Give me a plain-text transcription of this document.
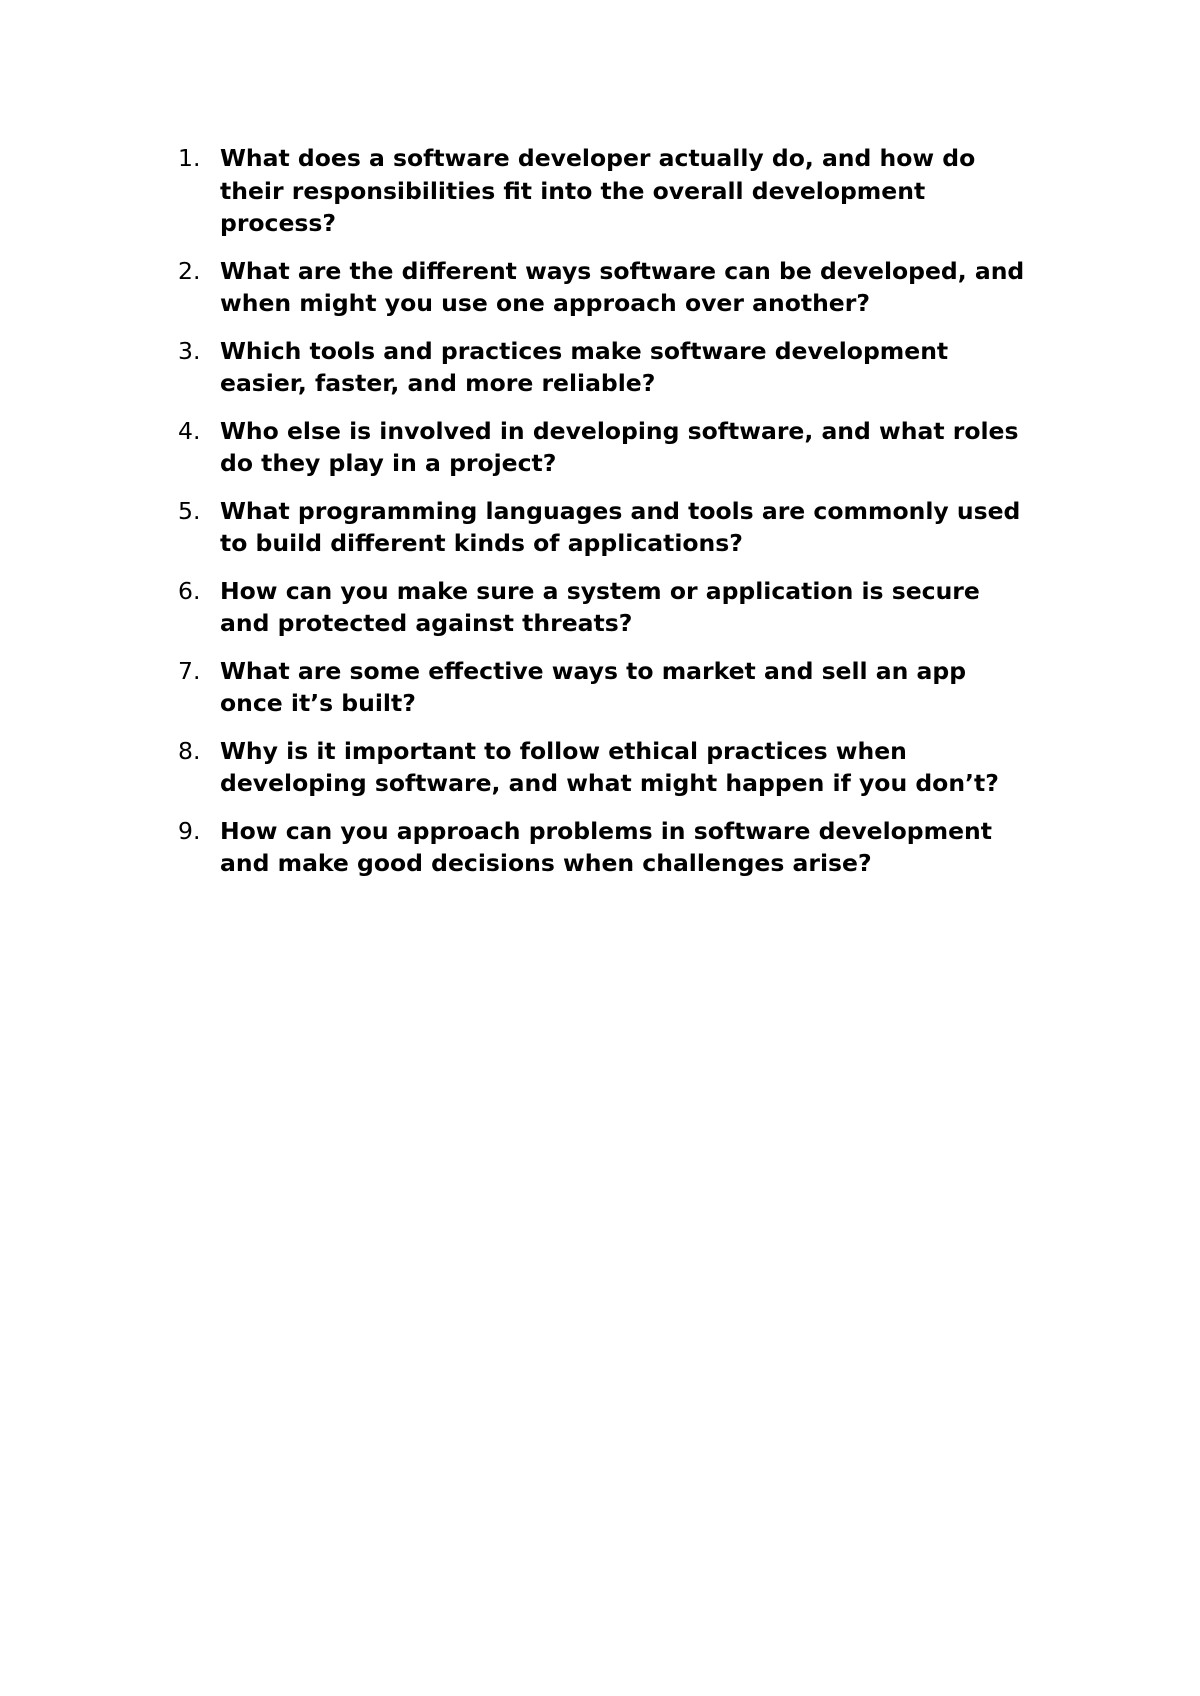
1. What does a software developer actually do, and how do
their responsibilities fit into the overall development
process?
2. What are the different ways software can be developed, and
when might you use one approach over another?
3. Which tools and practices make software development
easier, faster, and more reliable?
4. Who else is involved in developing software, and what roles
do they play in a project?
5. What programming languages and tools are commonly used
to build different kinds of applications?
6. How can you make sure a system or application is secure
and protected against threats?
7. What are some effective ways to market and sell an app
once it’s built?
8. Why is it important to follow ethical practices when
developing software, and what might happen if you don’t?
9. How can you approach problems in software development
and make good decisions when challenges arise?
